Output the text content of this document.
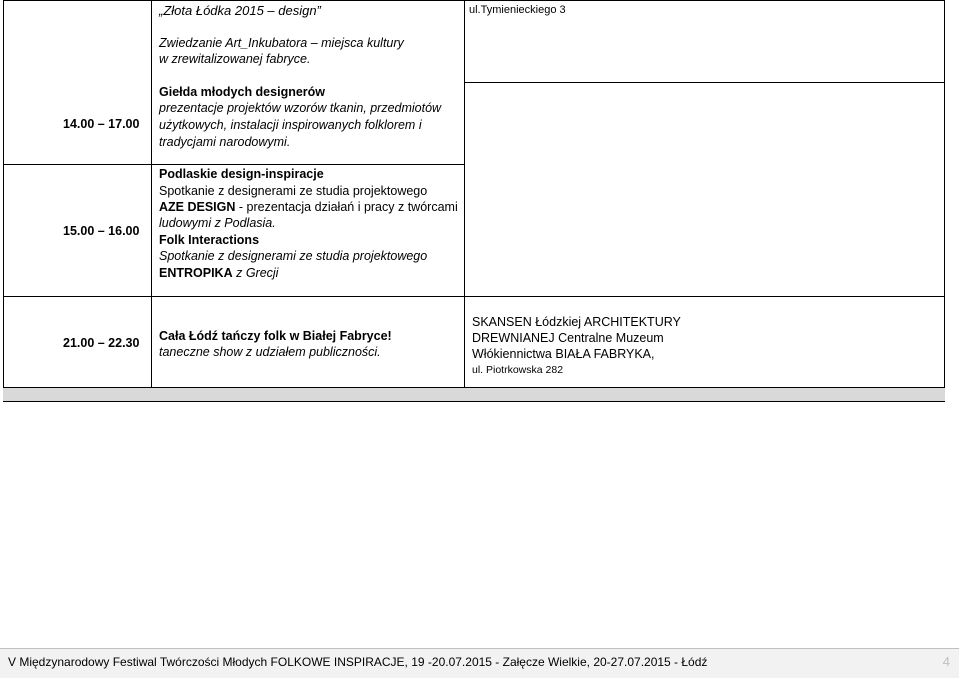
„Złota Łódka 2015 – design”	ul.Tymienieckiego 3
Zwiedzanie Art_Inkubatora – miejsca kultury
w zrewitalizowanej fabryce.
14.00 – 17.00
Giełda młodych designerów
prezentacje projektów wzorów tkanin, przedmiotów
użytkowych, instalacji inspirowanych folklorem i
tradycjami narodowymi.
15.00 – 16.00
Podlaskie design-inspiracje
Spotkanie z designerami ze studia projektowego
AZE DESIGN - prezentacja działań i pracy z twórcami
ludowymi z Podlasia.
Folk Interactions
Spotkanie z designerami ze studia projektowego
ENTROPIKA z Grecji
21.00 – 22.30 Cała Łódź tańczy folk w Białej Fabryce!
taneczne show z udziałem publiczności.
SKANSEN Łódzkiej ARCHITEKTURY
DREWNIANEJ Centralne Muzeum
Włókiennictwa BIAŁA FABRYKA,
ul. Piotrkowska 282
V Międzynarodowy Festiwal Twórczości Młodych FOLKOWE INSPIRACJE, 19 -20.07.2015 - Załęcze Wielkie, 20-27.07.2015 - Łódź	4
